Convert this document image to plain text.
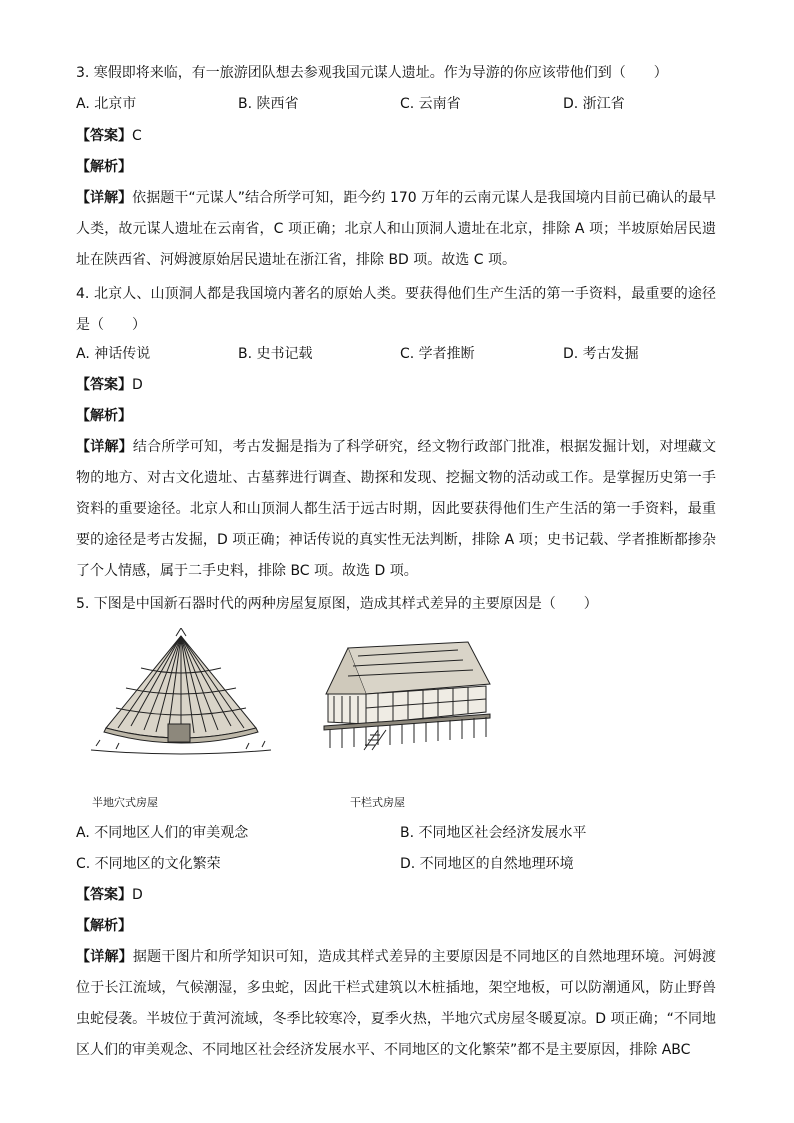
3. 寒假即将来临，有一旅游团队想去参观我国元谋人遗址。作为导游的你应该带他们到（　　）
A. 北京市	B. 陕西省	C. 云南省	D. 浙江省
【答案】C
【解析】
【详解】依据题干“元谋人”结合所学可知，距今约 170 万年的云南元谋人是我国境内目前已确认的最早人类，故元谋人遗址在云南省，C 项正确；北京人和山顶洞人遗址在北京，排除 A 项；半坡原始居民遗址在陕西省、河姆渡原始居民遗址在浙江省，排除 BD 项。故选 C 项。
4. 北京人、山顶洞人都是我国境内著名的原始人类。要获得他们生产生活的第一手资料，最重要的途径是（　　）
A. 神话传说	B. 史书记载	C. 学者推断	D. 考古发掘
【答案】D
【解析】
【详解】结合所学可知，考古发掘是指为了科学研究，经文物行政部门批准，根据发掘计划，对埋藏文物的地方、对古文化遗址、古墓葬进行调查、勘探和发现、挖掘文物的活动或工作。是掌握历史第一手资料的重要途径。北京人和山顶洞人都生活于远古时期，因此要获得他们生产生活的第一手资料，最重要的途径是考古发掘，D 项正确；神话传说的真实性无法判断，排除 A 项；史书记载、学者推断都掺杂了个人情感，属于二手史料，排除 BC 项。故选 D 项。
5. 下图是中国新石器时代的两种房屋复原图，造成其样式差异的主要原因是（　　）
半地穴式房屋	干栏式房屋
A. 不同地区人们的审美观念	B. 不同地区社会经济发展水平
C. 不同地区的文化繁荣	D. 不同地区的自然地理环境
【答案】D
【解析】
【详解】据题干图片和所学知识可知，造成其样式差异的主要原因是不同地区的自然地理环境。河姆渡位于长江流域，气候潮湿，多虫蛇，因此干栏式建筑以木桩插地，架空地板，可以防潮通风，防止野兽虫蛇侵袭。半坡位于黄河流域，冬季比较寒冷，夏季火热，半地穴式房屋冬暖夏凉。D 项正确；“不同地区人们的审美观念、不同地区社会经济发展水平、不同地区的文化繁荣”都不是主要原因，排除 ABC
